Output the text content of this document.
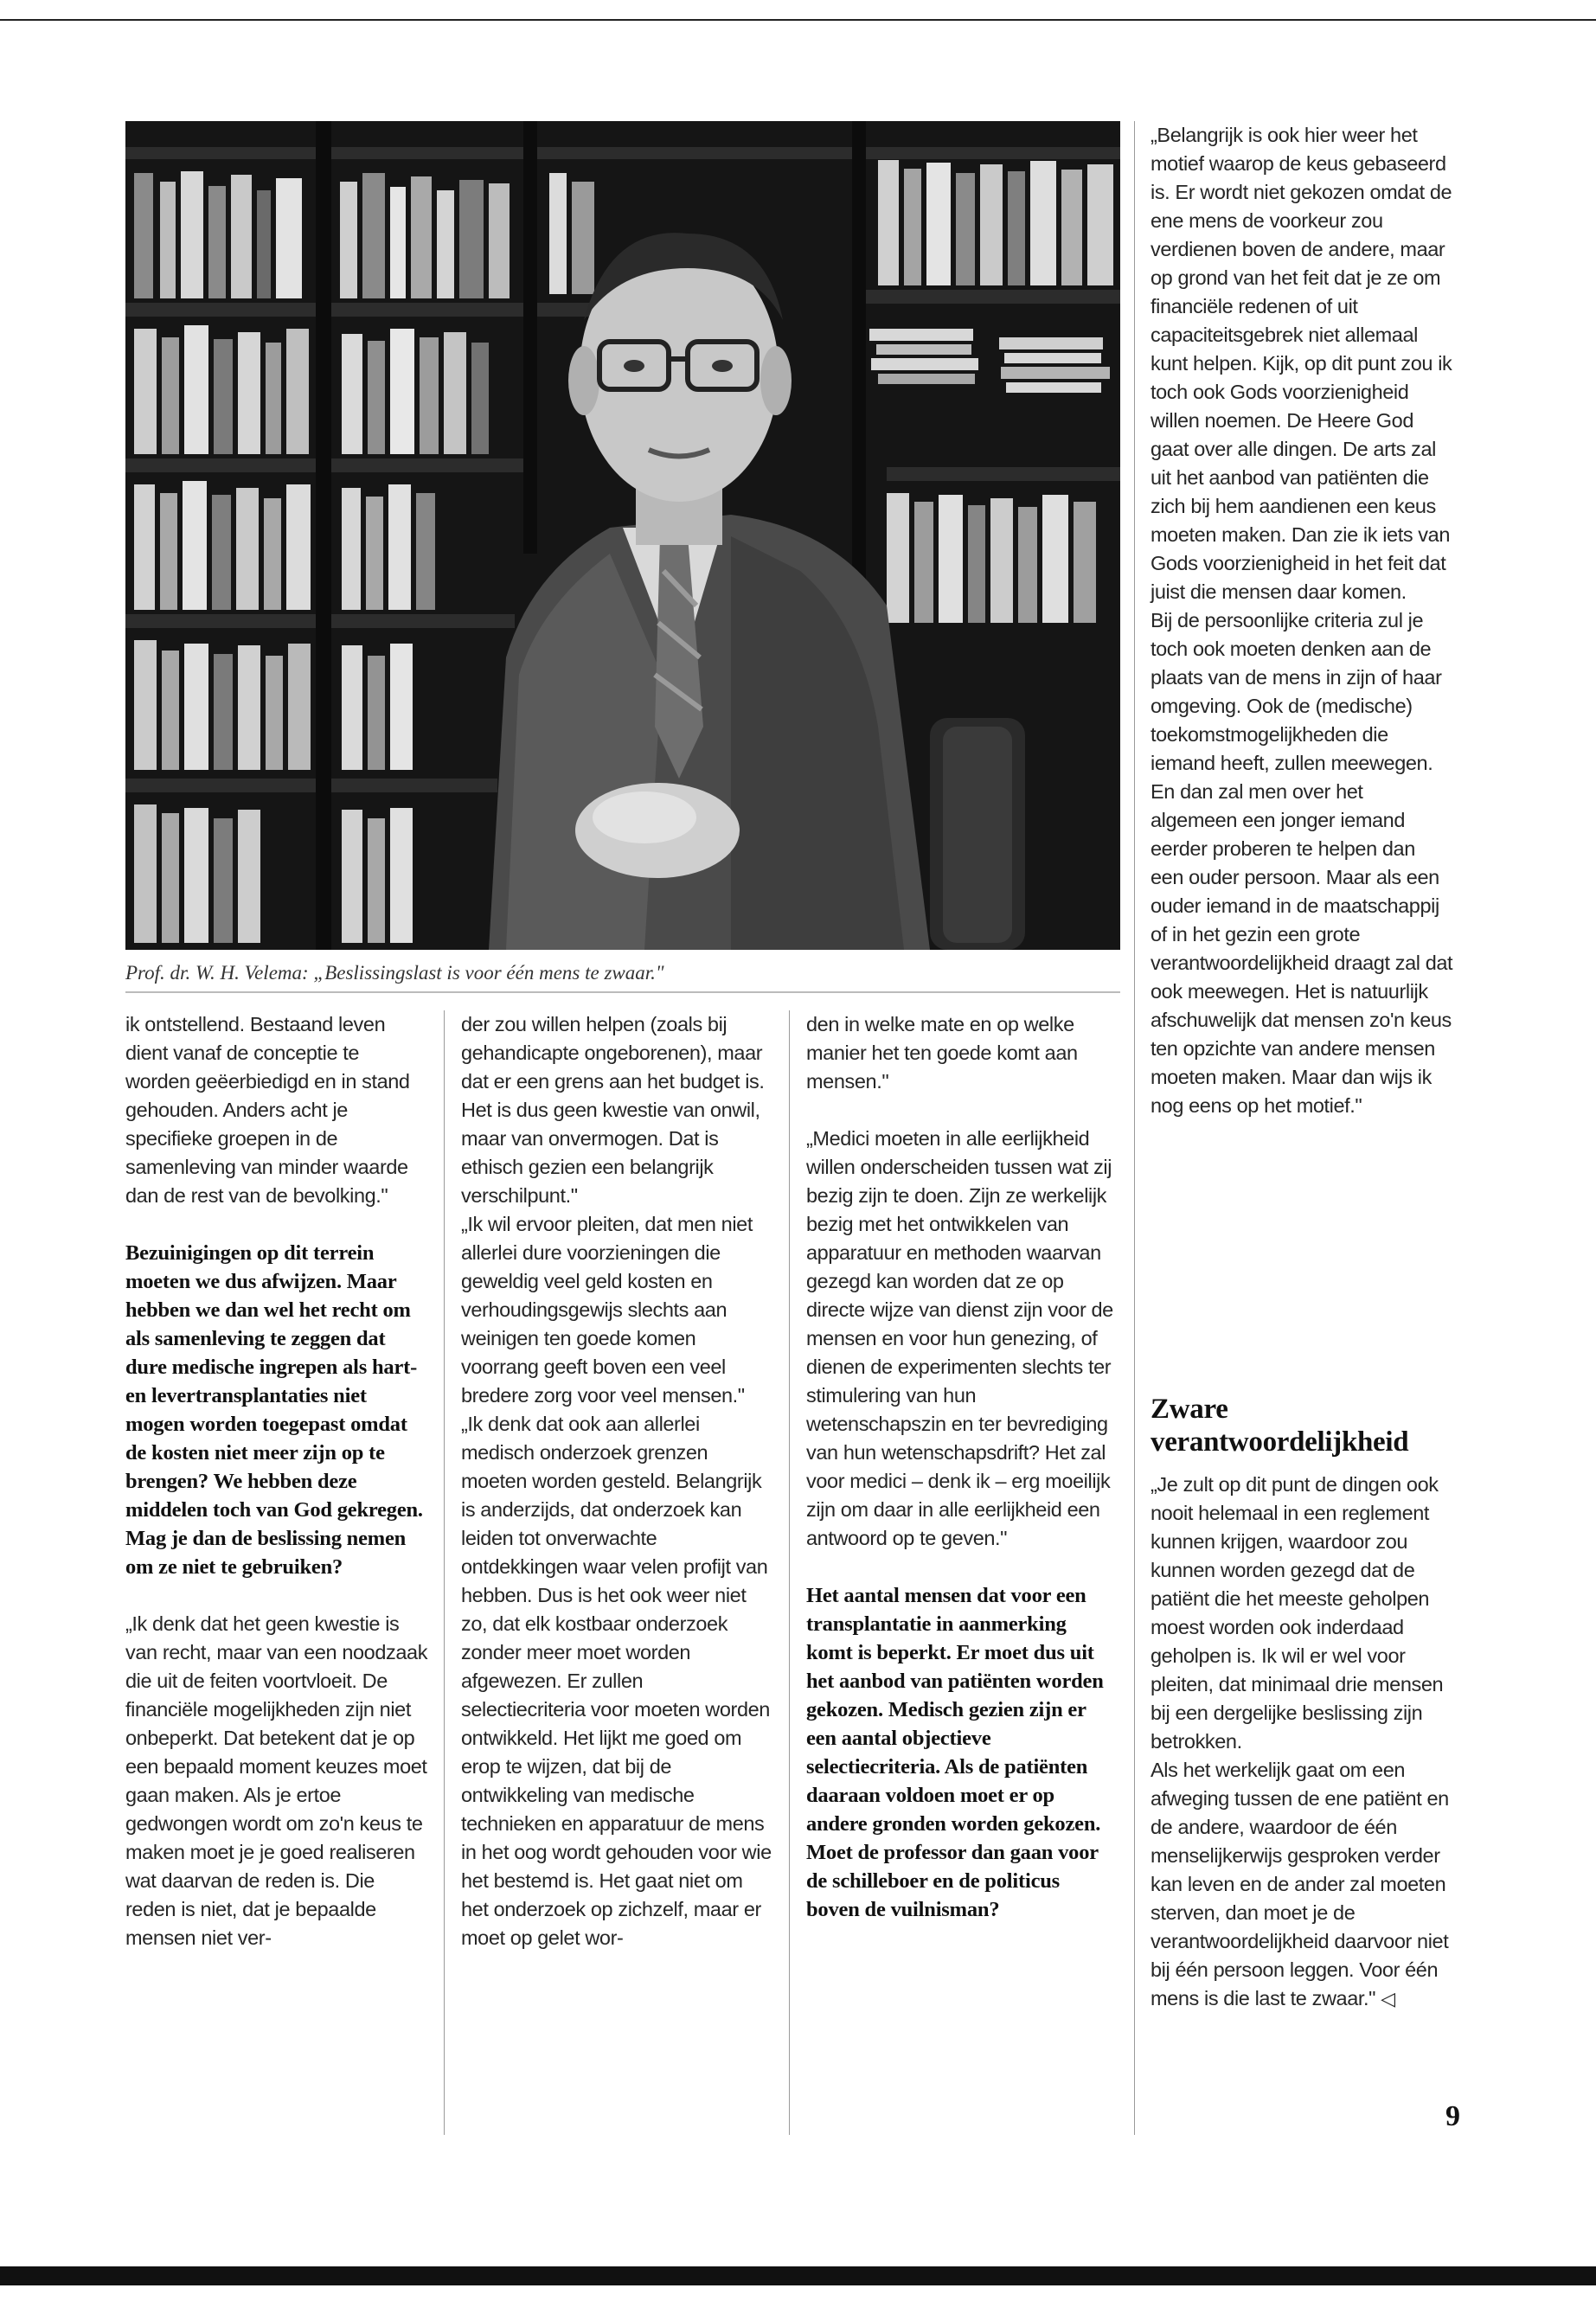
Prof. dr. W. H. Velema: „Beslissingslast is voor één mens te zwaar."

ik ontstellend. Bestaand leven dient vanaf de conceptie te worden geëerbiedigd en in stand gehouden. Anders acht je specifieke groepen in de samenleving van minder waarde dan de rest van de bevolking."

Bezuinigingen op dit terrein moeten we dus afwijzen. Maar hebben we dan wel het recht om als samenleving te zeggen dat dure medische ingrepen als hart- en levertransplantaties niet mogen worden toegepast omdat de kosten niet meer zijn op te brengen? We hebben deze middelen toch van God gekregen. Mag je dan de beslissing nemen om ze niet te gebruiken?

„Ik denk dat het geen kwestie is van recht, maar van een noodzaak die uit de feiten voortvloeit. De financiële mogelijkheden zijn niet onbeperkt. Dat betekent dat je op een bepaald moment keuzes moet gaan maken. Als je ertoe gedwongen wordt om zo'n keus te maken moet je je goed realiseren wat daarvan de reden is. Die reden is niet, dat je bepaalde mensen niet ver-

der zou willen helpen (zoals bij gehandicapte ongeborenen), maar dat er een grens aan het budget is. Het is dus geen kwestie van onwil, maar van onvermogen. Dat is ethisch gezien een belangrijk verschilpunt."

„Ik wil ervoor pleiten, dat men niet allerlei dure voorzieningen die geweldig veel geld kosten en verhoudingsgewijs slechts aan weinigen ten goede komen voorrang geeft boven een veel bredere zorg voor veel mensen."

„Ik denk dat ook aan allerlei medisch onderzoek grenzen moeten worden gesteld. Belangrijk is anderzijds, dat onderzoek kan leiden tot onverwachte ontdekkingen waar velen profijt van hebben. Dus is het ook weer niet zo, dat elk kostbaar onderzoek zonder meer moet worden afgewezen. Er zullen selectiecriteria voor moeten worden ontwikkeld. Het lijkt me goed om erop te wijzen, dat bij de ontwikkeling van medische technieken en apparatuur de mens in het oog wordt gehouden voor wie het bestemd is. Het gaat niet om het onderzoek op zichzelf, maar er moet op gelet wor-

den in welke mate en op welke manier het ten goede komt aan mensen."

„Medici moeten in alle eerlijkheid willen onderscheiden tussen wat zij bezig zijn te doen. Zijn ze werkelijk bezig met het ontwikkelen van apparatuur en methoden waarvan gezegd kan worden dat ze op directe wijze van dienst zijn voor de mensen en voor hun genezing, of dienen de experimenten slechts ter stimulering van hun wetenschapszin en ter bevrediging van hun wetenschapsdrift? Het zal voor medici – denk ik – erg moeilijk zijn om daar in alle eerlijkheid een antwoord op te geven."

Het aantal mensen dat voor een transplantatie in aanmerking komt is beperkt. Er moet dus uit het aanbod van patiënten worden gekozen. Medisch gezien zijn er een aantal objectieve selectiecriteria. Als de patiënten daaraan voldoen moet er op andere gronden worden gekozen. Moet de professor dan gaan voor de schilleboer en de politicus boven de vuilnisman?

„Belangrijk is ook hier weer het motief waarop de keus gebaseerd is. Er wordt niet gekozen omdat de ene mens de voorkeur zou verdienen boven de andere, maar op grond van het feit dat je ze om financiële redenen of uit capaciteitsgebrek niet allemaal kunt helpen. Kijk, op dit punt zou ik toch ook Gods voorzienigheid willen noemen. De Heere God gaat over alle dingen. De arts zal uit het aanbod van patiënten die zich bij hem aandienen een keus moeten maken. Dan zie ik iets van Gods voorzienigheid in het feit dat juist die mensen daar komen.

Bij de persoonlijke criteria zul je toch ook moeten denken aan de plaats van de mens in zijn of haar omgeving. Ook de (medische) toekomstmogelijkheden die iemand heeft, zullen meewegen. En dan zal men over het algemeen een jonger iemand eerder proberen te helpen dan een ouder persoon. Maar als een ouder iemand in de maatschappij of in het gezin een grote verantwoordelijkheid draagt zal dat ook meewegen. Het is natuurlijk afschuwelijk dat mensen zo'n keus ten opzichte van andere mensen moeten maken. Maar dan wijs ik nog eens op het motief."

Zware verantwoordelijkheid

„Je zult op dit punt de dingen ook nooit helemaal in een reglement kunnen krijgen, waardoor zou kunnen worden gezegd dat de patiënt die het meeste geholpen moest worden ook inderdaad geholpen is. Ik wil er wel voor pleiten, dat minimaal drie mensen bij een dergelijke beslissing zijn betrokken.

Als het werkelijk gaat om een afweging tussen de ene patiënt en de andere, waardoor de één menselijkerwijs gesproken verder kan leven en de ander zal moeten sterven, dan moet je de verantwoordelijkheid daarvoor niet bij één persoon leggen. Voor één mens is die last te zwaar." ◁

9
